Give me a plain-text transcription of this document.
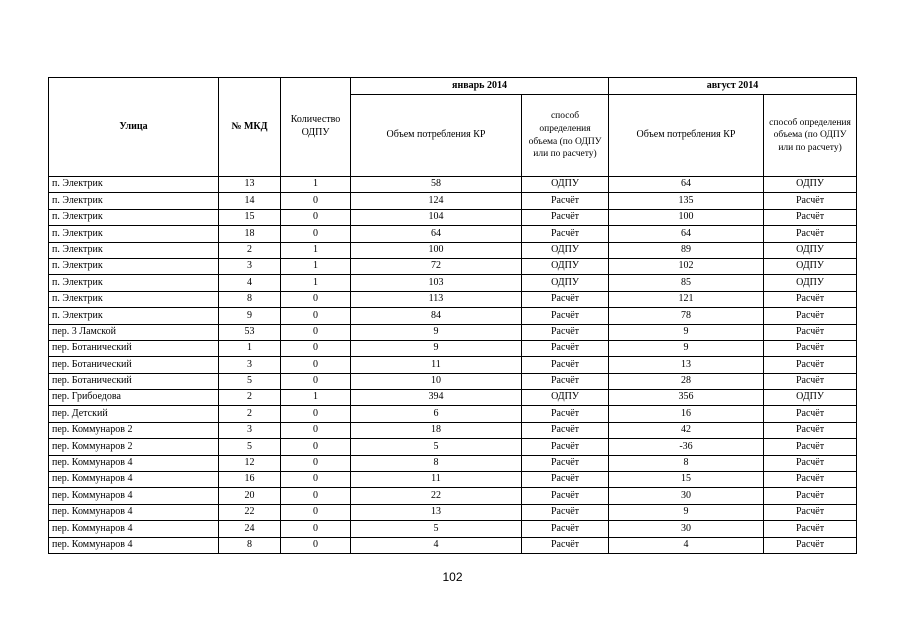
Улица	№ МКД	Количество ОДПУ	январь 2014		август 2014	
			Объем потребления КР	способ определения объема (по ОДПУ или по расчету)	Объем потребления КР	способ определения объема (по ОДПУ или по расчету)
п. Электрик	13	1	58	ОДПУ	64	ОДПУ
п. Электрик	14	0	124	Расчёт	135	Расчёт
п. Электрик	15	0	104	Расчёт	100	Расчёт
п. Электрик	18	0	64	Расчёт	64	Расчёт
п. Электрик	2	1	100	ОДПУ	89	ОДПУ
п. Электрик	3	1	72	ОДПУ	102	ОДПУ
п. Электрик	4	1	103	ОДПУ	85	ОДПУ
п. Электрик	8	0	113	Расчёт	121	Расчёт
п. Электрик	9	0	84	Расчёт	78	Расчёт
пер. 3 Ламской	53	0	9	Расчёт	9	Расчёт
пер. Ботанический	1	0	9	Расчёт	9	Расчёт
пер. Ботанический	3	0	11	Расчёт	13	Расчёт
пер. Ботанический	5	0	10	Расчёт	28	Расчёт
пер. Грибоедова	2	1	394	ОДПУ	356	ОДПУ
пер. Детский	2	0	6	Расчёт	16	Расчёт
пер. Коммунаров 2	3	0	18	Расчёт	42	Расчёт
пер. Коммунаров 2	5	0	5	Расчёт	-36	Расчёт
пер. Коммунаров 4	12	0	8	Расчёт	8	Расчёт
пер. Коммунаров 4	16	0	11	Расчёт	15	Расчёт
пер. Коммунаров 4	20	0	22	Расчёт	30	Расчёт
пер. Коммунаров 4	22	0	13	Расчёт	9	Расчёт
пер. Коммунаров 4	24	0	5	Расчёт	30	Расчёт
пер. Коммунаров 4	8	0	4	Расчёт	4	Расчёт
102
